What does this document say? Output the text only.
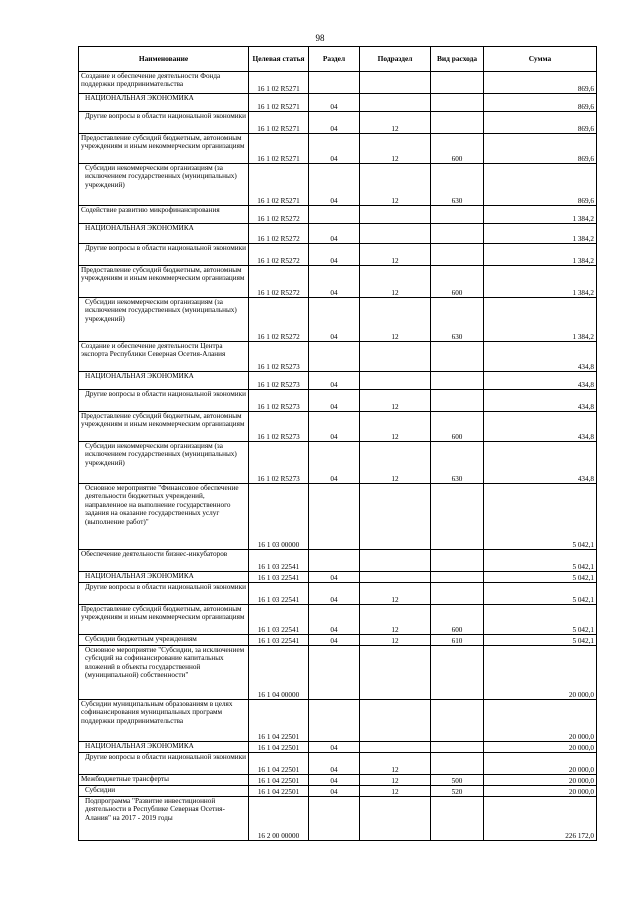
98
Наименование	Целевая статья	Раздел	Подраздел	Вид расхода	Сумма
Создание и обеспечение деятельности Фонда поддержки предпринимательства	16 1 02 R5271				869,6
НАЦИОНАЛЬНАЯ ЭКОНОМИКА	16 1 02 R5271	04			869,6
Другие вопросы в области национальной экономики	16 1 02 R5271	04	12		869,6
Предоставление субсидий бюджетным, автономным учреждениям и иным некоммерческим организациям	16 1 02 R5271	04	12	600	869,6
Субсидии некоммерческим организациям (за исключением государственных (муниципальных) учреждений)	16 1 02 R5271	04	12	630	869,6
Содействие развитию микрофинансирования	16 1 02 R5272				1 384,2
НАЦИОНАЛЬНАЯ ЭКОНОМИКА	16 1 02 R5272	04			1 384,2
Другие вопросы в области национальной экономики	16 1 02 R5272	04	12		1 384,2
Предоставление субсидий бюджетным, автономным учреждениям и иным некоммерческим организациям	16 1 02 R5272	04	12	600	1 384,2
Субсидии некоммерческим организациям (за исключением государственных (муниципальных) учреждений)	16 1 02 R5272	04	12	630	1 384,2
Создание и обеспечение деятельности Центра экспорта Республики Северная Осетия-Алания	16 1 02 R5273				434,8
НАЦИОНАЛЬНАЯ ЭКОНОМИКА	16 1 02 R5273	04			434,8
Другие вопросы в области национальной экономики	16 1 02 R5273	04	12		434,8
Предоставление субсидий бюджетным, автономным учреждениям и иным некоммерческим организациям	16 1 02 R5273	04	12	600	434,8
Субсидии некоммерческим организациям (за исключением государственных (муниципальных) учреждений)	16 1 02 R5273	04	12	630	434,8
Основное мероприятие "Финансовое обеспечение деятельности бюджетных учреждений, направленное на выполнение государственного задания на оказание государственных услуг (выполнение работ)"	16 1 03 00000				5 042,1
Обеспечение деятельности бизнес-инкубаторов	16 1 03 22541				5 042,1
НАЦИОНАЛЬНАЯ ЭКОНОМИКА	16 1 03 22541	04			5 042,1
Другие вопросы в области национальной экономики	16 1 03 22541	04	12		5 042,1
Предоставление субсидий бюджетным, автономным учреждениям и иным некоммерческим организациям	16 1 03 22541	04	12	600	5 042,1
Субсидии бюджетным учреждениям	16 1 03 22541	04	12	610	5 042,1
Основное мероприятие "Субсидии, за исключением субсидий на софинансирование капитальных вложений в объекты государственной (муниципальной) собственности"	16 1 04 00000				20 000,0
Субсидии муниципальным образованиям в целях софинансирования муниципальных программ поддержки предпринимательства	16 1 04 22501				20 000,0
НАЦИОНАЛЬНАЯ ЭКОНОМИКА	16 1 04 22501	04			20 000,0
Другие вопросы в области национальной экономики	16 1 04 22501	04	12		20 000,0
Межбюджетные трансферты	16 1 04 22501	04	12	500	20 000,0
Субсидии	16 1 04 22501	04	12	520	20 000,0
Подпрограмма "Развитие инвестиционной деятельности в Республике Северная Осетия-Алания" на 2017 - 2019 годы	16 2 00 00000				226 172,0
